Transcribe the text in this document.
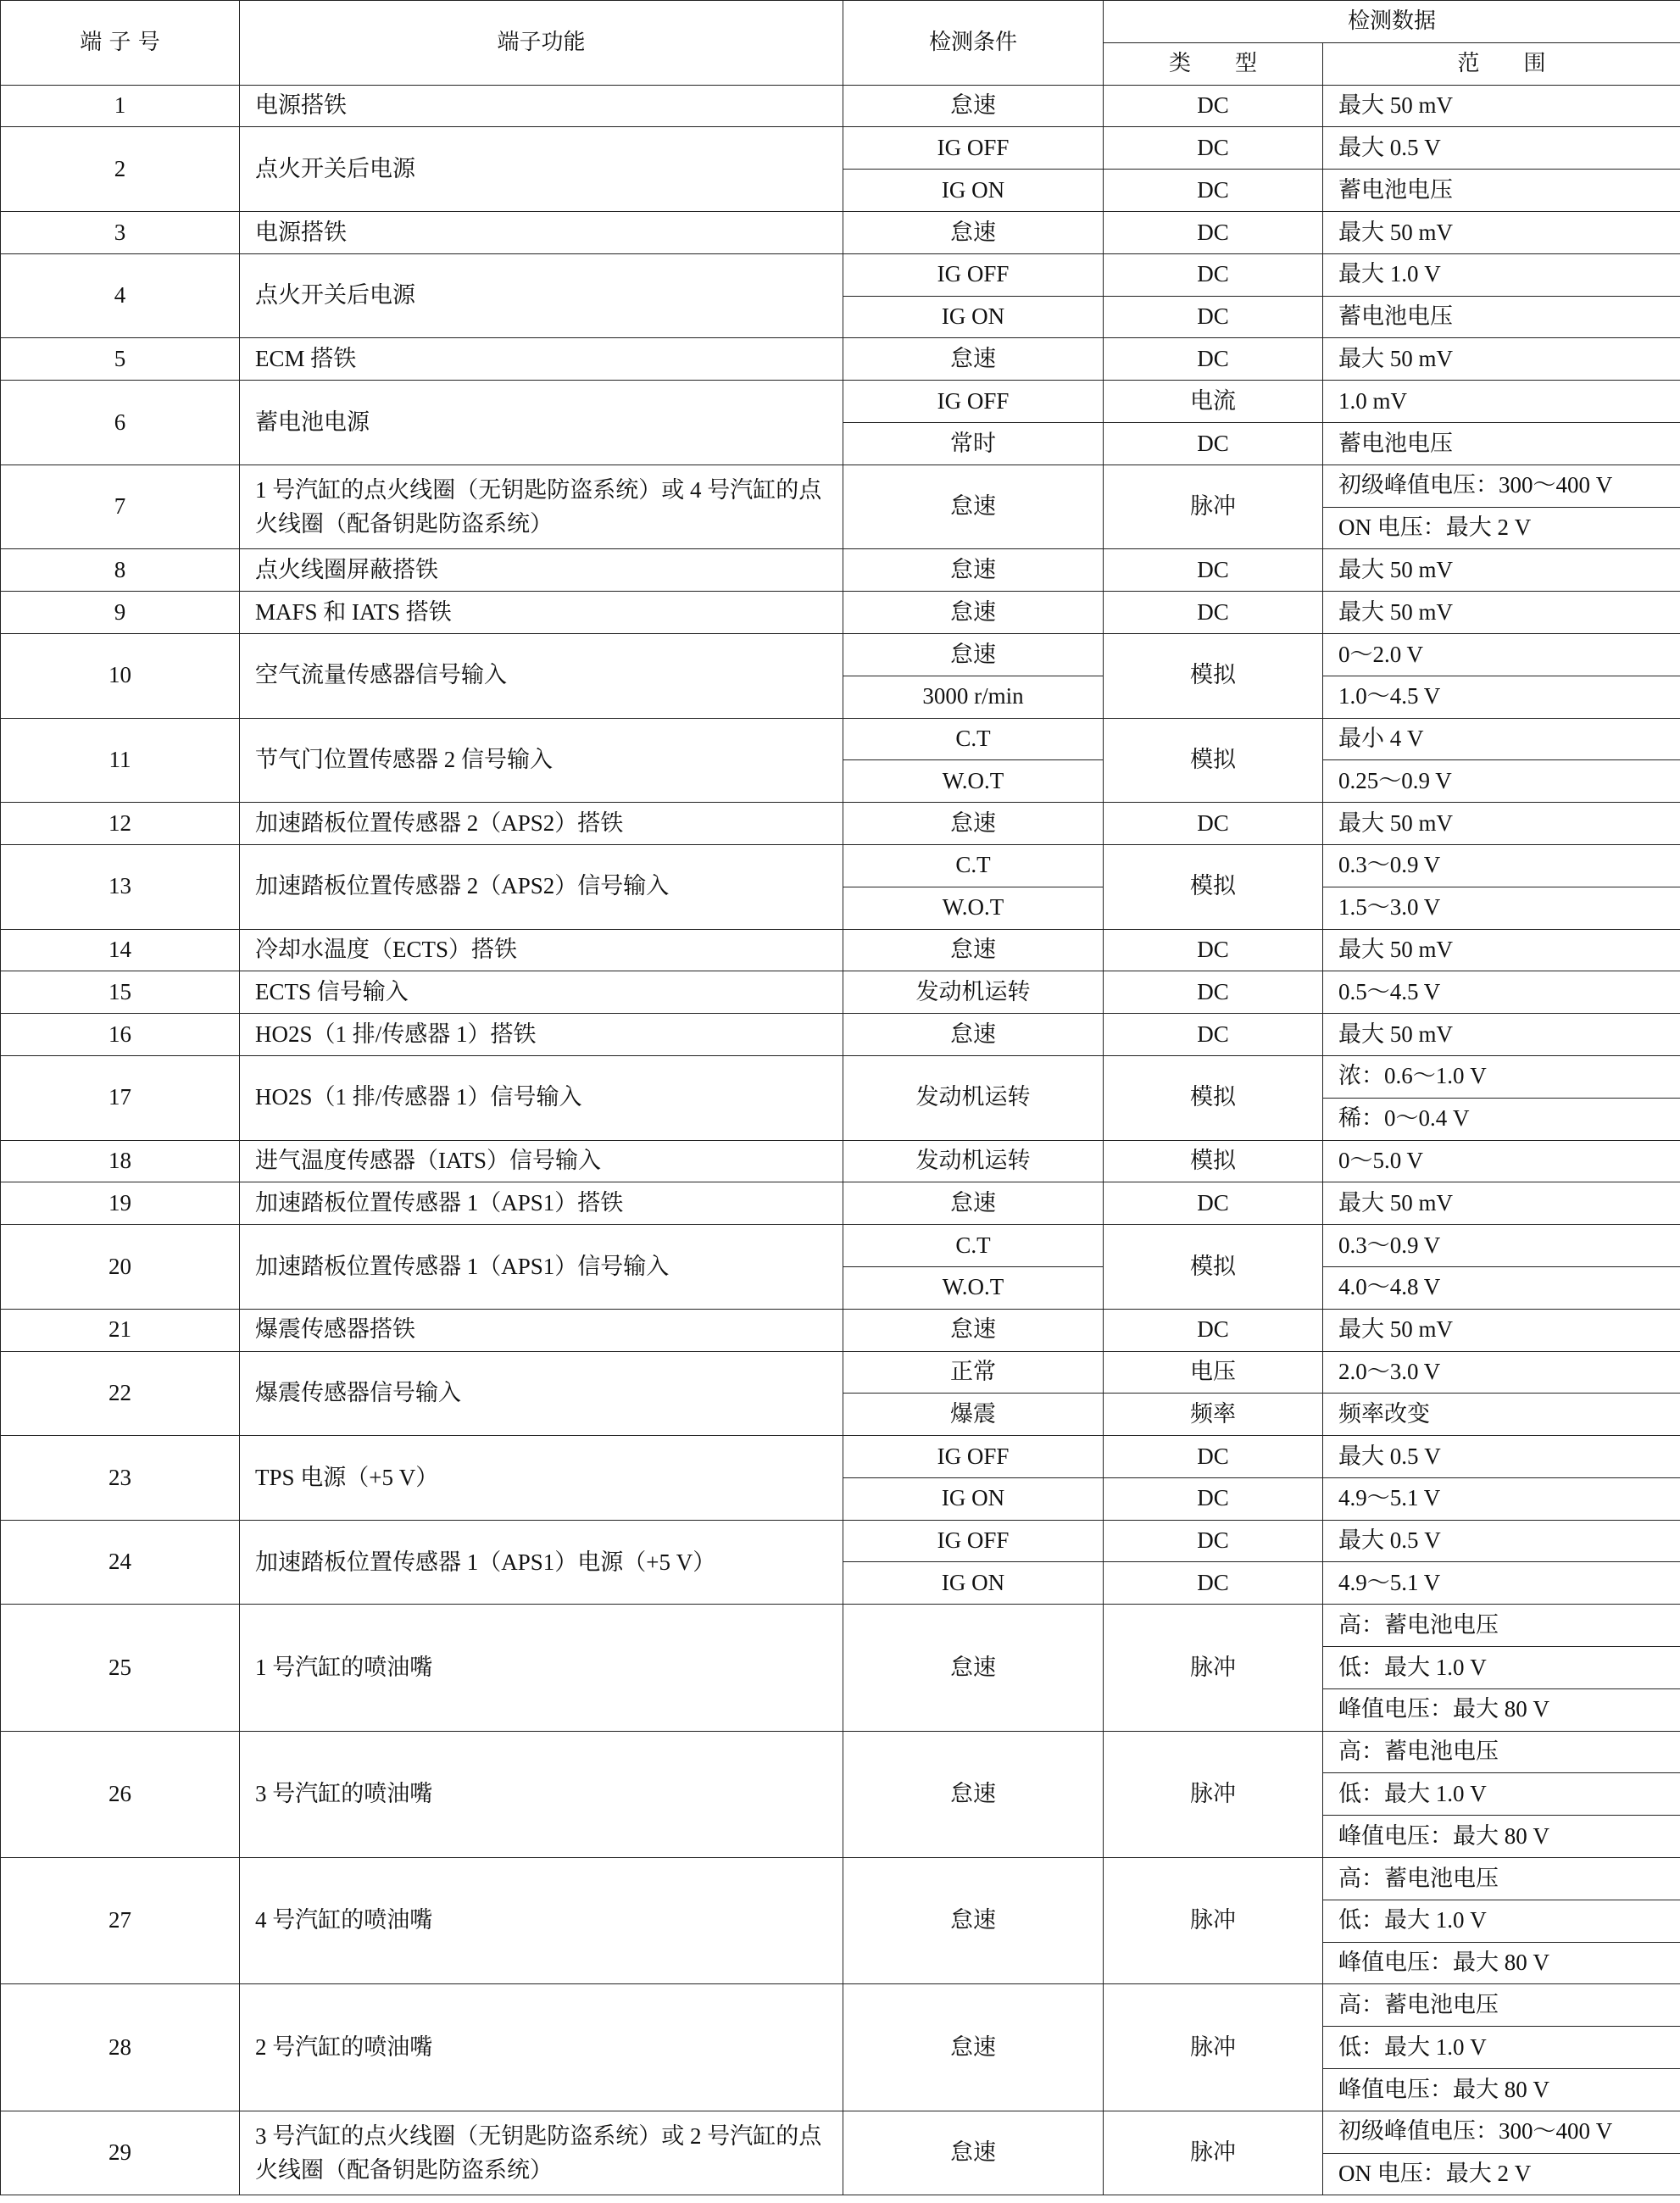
端 子 号	端子功能	检测条件	检测数据	
			类　　型	范　　围
1	电源搭铁	怠速	DC	最大 50 mV
2	点火开关后电源	IG OFF	DC	最大 0.5 V
		IG ON	DC	蓄电池电压
3	电源搭铁	怠速	DC	最大 50 mV
4	点火开关后电源	IG OFF	DC	最大 1.0 V
		IG ON	DC	蓄电池电压
5	ECM 搭铁	怠速	DC	最大 50 mV
6	蓄电池电源	IG OFF	电流	1.0 mV
		常时	DC	蓄电池电压
7	1 号汽缸的点火线圈（无钥匙防盗系统）或 4 号汽缸的点火线圈（配备钥匙防盗系统）	怠速	脉冲	初级峰值电压：300～400 V
				ON 电压：最大 2 V
8	点火线圈屏蔽搭铁	怠速	DC	最大 50 mV
9	MAFS 和 IATS 搭铁	怠速	DC	最大 50 mV
10	空气流量传感器信号输入	怠速	模拟	0～2.0 V
		3000 r/min		1.0～4.5 V
11	节气门位置传感器 2 信号输入	C.T	模拟	最小 4 V
		W.O.T		0.25～0.9 V
12	加速踏板位置传感器 2（APS2）搭铁	怠速	DC	最大 50 mV
13	加速踏板位置传感器 2（APS2）信号输入	C.T	模拟	0.3～0.9 V
		W.O.T		1.5～3.0 V
14	冷却水温度（ECTS）搭铁	怠速	DC	最大 50 mV
15	ECTS 信号输入	发动机运转	DC	0.5～4.5 V
16	HO2S（1 排/传感器 1）搭铁	怠速	DC	最大 50 mV
17	HO2S（1 排/传感器 1）信号输入	发动机运转	模拟	浓：0.6～1.0 V
				稀：0～0.4 V
18	进气温度传感器（IATS）信号输入	发动机运转	模拟	0～5.0 V
19	加速踏板位置传感器 1（APS1）搭铁	怠速	DC	最大 50 mV
20	加速踏板位置传感器 1（APS1）信号输入	C.T	模拟	0.3～0.9 V
		W.O.T		4.0～4.8 V
21	爆震传感器搭铁	怠速	DC	最大 50 mV
22	爆震传感器信号输入	正常	电压	2.0～3.0 V
		爆震	频率	频率改变
23	TPS 电源（+5 V）	IG OFF	DC	最大 0.5 V
		IG ON	DC	4.9～5.1 V
24	加速踏板位置传感器 1（APS1）电源（+5 V）	IG OFF	DC	最大 0.5 V
		IG ON	DC	4.9～5.1 V
25	1 号汽缸的喷油嘴	怠速	脉冲	高：蓄电池电压
				低：最大 1.0 V
				峰值电压：最大 80 V
26	3 号汽缸的喷油嘴	怠速	脉冲	高：蓄电池电压
				低：最大 1.0 V
				峰值电压：最大 80 V
27	4 号汽缸的喷油嘴	怠速	脉冲	高：蓄电池电压
				低：最大 1.0 V
				峰值电压：最大 80 V
28	2 号汽缸的喷油嘴	怠速	脉冲	高：蓄电池电压
				低：最大 1.0 V
				峰值电压：最大 80 V
29	3 号汽缸的点火线圈（无钥匙防盗系统）或 2 号汽缸的点火线圈（配备钥匙防盗系统）	怠速	脉冲	初级峰值电压：300～400 V
				ON 电压：最大 2 V
